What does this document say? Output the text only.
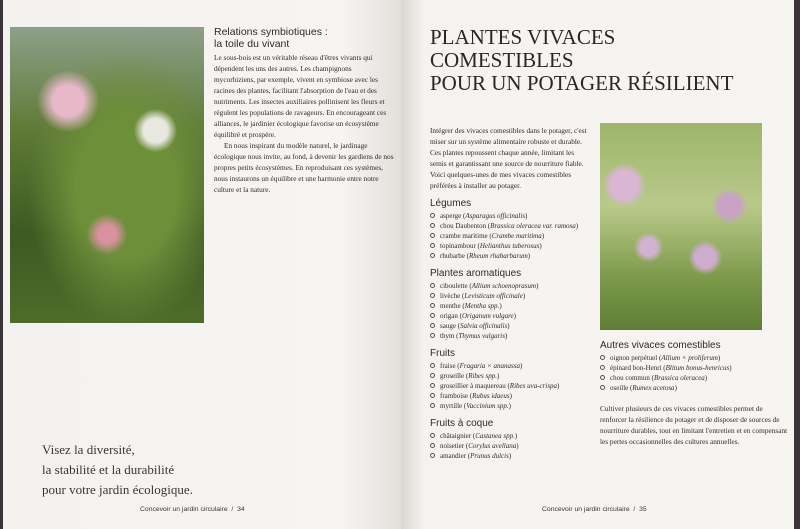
Relations symbiotiques :
la toile du vivant

Le sous-bois est un véritable réseau d'êtres vivants qui dépendent les uns des autres. Les champignons mycorhiziens, par exemple, vivent en symbiose avec les racines des plantes, facilitant l'absorption de l'eau et des nutriments. Les insectes auxiliaires pollinisent les fleurs et régulent les populations de ravageurs. En encourageant ces alliances, le jardinier écologique favorise un écosystème équilibré et prospère.

En nous inspirant du modèle naturel, le jardinage écologique nous invite, au fond, à devenir les gardiens de nos propres petits écosystèmes. En reproduisant ces systèmes, nous instaurons un équilibre et une harmonie entre notre culture et la nature.

Visez la diversité,
la stabilité et la durabilité
pour votre jardin écologique.
Concevoir un jardin circulaire  /  34
PLANTES VIVACES
COMESTIBLES
POUR UN POTAGER RÉSILIENT

Intégrer des vivaces comestibles dans le potager, c'est miser sur un système alimentaire robuste et durable. Ces plantes repoussent chaque année, limitant les semis et garantissant une source de nourriture fiable. Voici quelques-unes de mes vivaces comestibles préférées à installer au potager.

Légumes
asperge (Asparagus officinalis)
chou Daubenton (Brassica oleracea var. ramosa)
crambe maritime (Crambe maritima)
topinambour (Helianthus tuberosus)
rhubarbe (Rheum rhabarbarum)
Plantes aromatiques
ciboulette (Allium schoenoprasum)
livèche (Levisticum officinale)
menthe (Mentha spp.)
origan (Origanum vulgare)
sauge (Salvia officinalis)
thym (Thymus vulgaris)
Fruits
fraise (Fragaria × ananassa)
groseille (Ribes spp.)
groseillier à maquereau (Ribes uva-crispa)
framboise (Rubus idaeus)
myrtille (Vaccinium spp.)
Fruits à coque
châtaignier (Castanea spp.)
noisetier (Corylus avellana)
amandier (Prunus dulcis)
Autres vivaces comestibles
oignon perpétuel (Allium × proliferum)
épinard bon-Henri (Blitum bonus-henricus)
chou commun (Brassica oleracea)
oseille (Rumex acetosa)

Cultiver plusieurs de ces vivaces comestibles permet de renforcer la résilience du potager et de disposer de sources de nourriture durables, tout en limitant l'entretien et en compensant les pertes occasionnelles des cultures annuelles.

Concevoir un jardin circulaire  /  35
